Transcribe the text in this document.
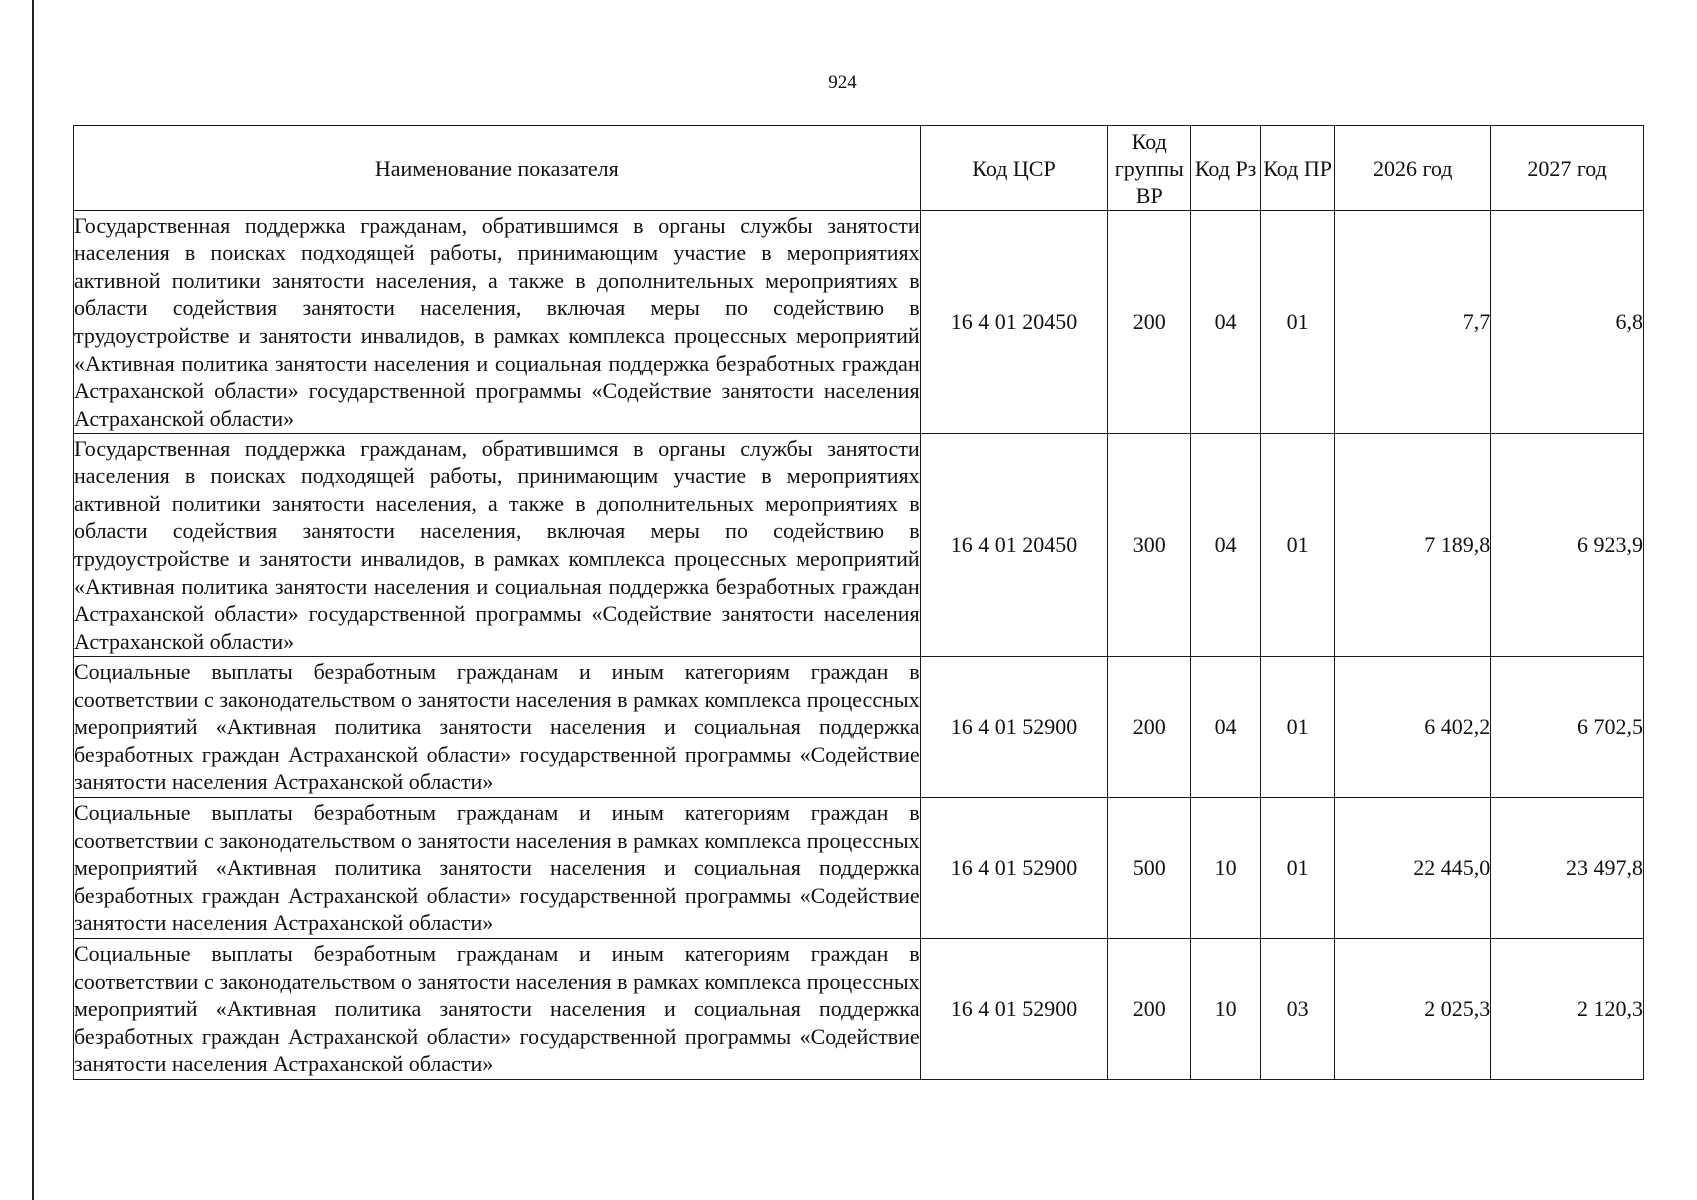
924
Наименование показателя	Код ЦСР	Код группы ВР	Код Рз	Код ПР	2026 год	2027 год
Государственная поддержка гражданам, обратившимся в органы службы занятости населения в поисках подходящей работы, принимающим участие в мероприятиях активной политики занятости населения, а также в дополнительных мероприятиях в области содействия занятости населения, включая меры по содействию в трудоустройстве и занятости инвалидов, в рамках комплекса процессных мероприятий «Активная политика занятости населения и социальная поддержка безработных граждан Астраханской области» государственной программы «Содействие занятости населения Астраханской области»	16 4 01 20450	200	04	01	7,7	6,8
Государственная поддержка гражданам, обратившимся в органы службы занятости населения в поисках подходящей работы, принимающим участие в мероприятиях активной политики занятости населения, а также в дополнительных мероприятиях в области содействия занятости населения, включая меры по содействию в трудоустройстве и занятости инвалидов, в рамках комплекса процессных мероприятий «Активная политика занятости населения и социальная поддержка безработных граждан Астраханской области» государственной программы «Содействие занятости населения Астраханской области»	16 4 01 20450	300	04	01	7 189,8	6 923,9
Социальные выплаты безработным гражданам и иным категориям граждан в соответствии с законодательством о занятости населения в рамках комплекса процессных мероприятий «Активная политика занятости населения и социальная поддержка безработных граждан Астраханской области» государственной программы «Содействие занятости населения Астраханской области»	16 4 01 52900	200	04	01	6 402,2	6 702,5
Социальные выплаты безработным гражданам и иным категориям граждан в соответствии с законодательством о занятости населения в рамках комплекса процессных мероприятий «Активная политика занятости населения и социальная поддержка безработных граждан Астраханской области» государственной программы «Содействие занятости населения Астраханской области»	16 4 01 52900	500	10	01	22 445,0	23 497,8
Социальные выплаты безработным гражданам и иным категориям граждан в соответствии с законодательством о занятости населения в рамках комплекса процессных мероприятий «Активная политика занятости населения и социальная поддержка безработных граждан Астраханской области» государственной программы «Содействие занятости населения Астраханской области»	16 4 01 52900	200	10	03	2 025,3	2 120,3
